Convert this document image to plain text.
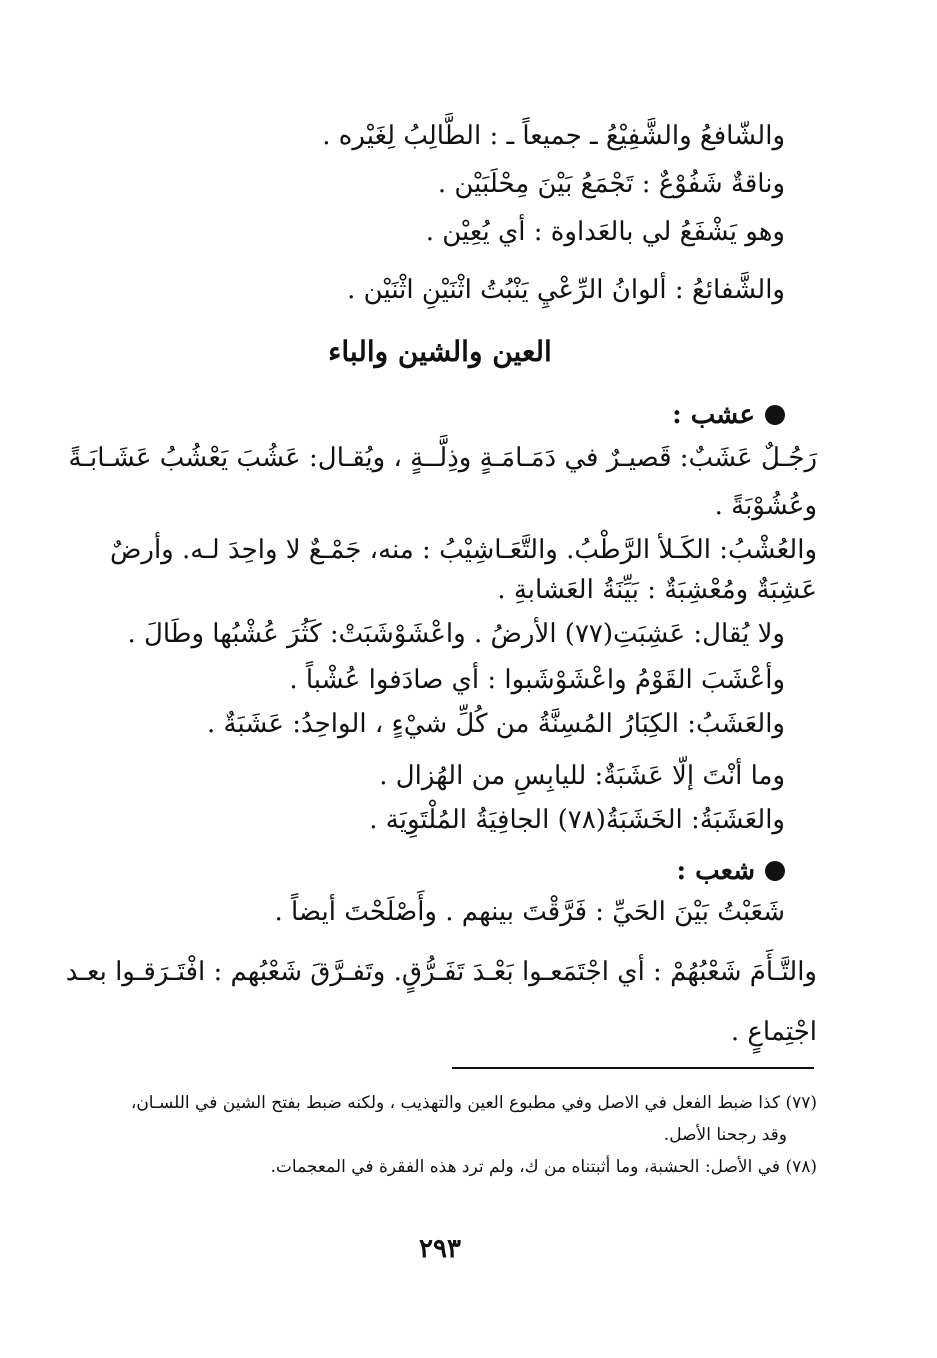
والشّافعُ والشَّفِيْعُ ـ جميعاً ـ : الطَّالِبُ لِغَيْره .
وناقةٌ شَفُوْعٌ : تَجْمَعُ بَيْنَ مِحْلَبَيْن .
وهو يَشْفَعُ لي بالعَداوة : أي يُعِيْن .
والشَّفائعُ : ألوانُ الرِّعْيِ يَنْبُتُ اثْنَيْنِ اثْنَيْن .
العين والشين والباء
عشب :
رَجُـلٌ عَشَبٌ: قَصيـرٌ في دَمَـامَـةٍ وذِلَّــةٍ ، ويُقـال: عَشُبَ يَعْشُبُ عَشَـابَـةً
وعُشُوْبَةً .
والعُشْبُ: الكَـلأ الرَّطْبُ. والتَّعَـاشِيْبُ : منه، جَمْـعٌ لا واحِدَ لـه. وأرضٌ
عَشِبَةٌ ومُعْشِبَةٌ : بَيِّنَةُ العَشابةِ .
ولا يُقال: عَشِبَتِ(٧٧) الأرضُ . واعْشَوْشَبَتْ: كَثُرَ عُشْبُها وطَالَ .
وأعْشَبَ القَوْمُ واعْشَوْشَبوا : أي صادَفوا عُشْباً .
والعَشَبُ: الكِبَارُ المُسِنَّةُ من كُلِّ شيْءٍ ، الواحِدُ: عَشَبَةٌ .
وما أنْتَ إلّا عَشَبَةٌ: لليابِسِ من الهُزال .
والعَشَبَةُ: الخَشَبَةُ(٧٨) الجافِيَةُ المُلْتَوِيَة .
شعب :
شَعَبْتُ بَيْنَ الحَيِّ : فَرَّقْتَ بينهم . وأَصْلَحْتَ أيضاً .
والتَّـأَمَ شَعْبُهُمْ : أي اجْتَمَعـوا بَعْـدَ تَفَـرُّقٍ. وتَفـرَّقَ شَعْبُهم : افْتَـرَقـوا بعـد
اجْتِماعٍ .
(٧٧) كذا ضبط الفعل في الاصل وفي مطبوع العين والتهذيب ، ولكنه ضبط بفتح الشين في اللسـان،
وقد رجحنا الأصل.
(٧٨) في الأصل: الحشبة، وما أثبتناه من ك، ولم ترد هذه الفقرة في المعجمات.
٢٩٣
